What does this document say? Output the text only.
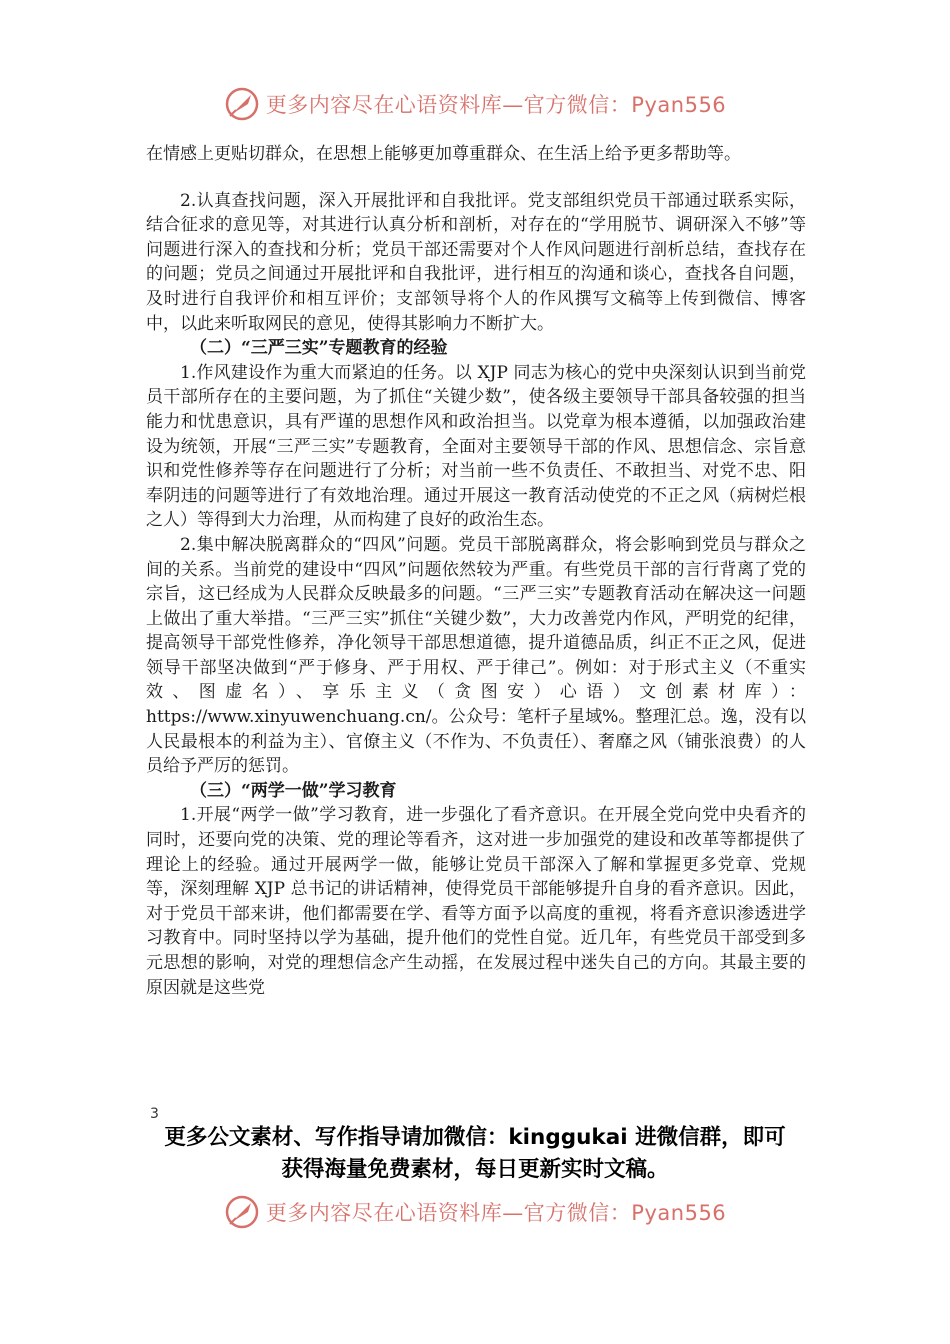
更多内容尽在心语资料库—官方微信：Pyan556

在情感上更贴切群众，在思想上能够更加尊重群众、在生活上给予更多帮助等。

2.认真查找问题，深入开展批评和自我批评。党支部组织党员干部通过联系实际，结合征求的意见等，对其进行认真分析和剖析，对存在的“学用脱节、调研深入不够”等问题进行深入的查找和分析；党员干部还需要对个人作风问题进行剖析总结，查找存在的问题；党员之间通过开展批评和自我批评，进行相互的沟通和谈心，查找各自问题，及时进行自我评价和相互评价；支部领导将个人的作风撰写文稿等上传到微信、博客中，以此来听取网民的意见，使得其影响力不断扩大。

（二）“三严三实”专题教育的经验

1.作风建设作为重大而紧迫的任务。以 XJP 同志为核心的党中央深刻认识到当前党员干部所存在的主要问题，为了抓住“关键少数”，使各级主要领导干部具备较强的担当能力和忧患意识，具有严谨的思想作风和政治担当。以党章为根本遵循，以加强政治建设为统领，开展“三严三实”专题教育，全面对主要领导干部的作风、思想信念、宗旨意识和党性修养等存在问题进行了分析；对当前一些不负责任、不敢担当、对党不忠、阳奉阴违的问题等进行了有效地治理。通过开展这一教育活动使党的不正之风（病树烂根之人）等得到大力治理，从而构建了良好的政治生态。

2.集中解决脱离群众的“四风”问题。党员干部脱离群众，将会影响到党员与群众之间的关系。当前党的建设中“四风”问题依然较为严重。有些党员干部的言行背离了党的宗旨，这已经成为人民群众反映最多的问题。“三严三实”专题教育活动在解决这一问题上做出了重大举措。“三严三实”抓住“关键少数”，大力改善党内作风，严明党的纪律，提高领导干部党性修养，净化领导干部思想道德，提升道德品质，纠正不正之风，促进领导干部坚决做到“严于修身、严于用权、严于律己”。例如：对于形式主义（不重实效、图虚名）、享乐主义（贪图安）心语）文创素材库）：https://www.xinyuwenchuang.cn/。公众号：笔杆子星域%。整理汇总。逸，没有以人民最根本的利益为主）、官僚主义（不作为、不负责任）、奢靡之风（铺张浪费）的人员给予严厉的惩罚。

（三）“两学一做”学习教育

1.开展“两学一做”学习教育，进一步强化了看齐意识。在开展全党向党中央看齐的同时，还要向党的决策、党的理论等看齐，这对进一步加强党的建设和改革等都提供了理论上的经验。通过开展两学一做，能够让党员干部深入了解和掌握更多党章、党规等，深刻理解 XJP 总书记的讲话精神，使得党员干部能够提升自身的看齐意识。因此，对于党员干部来讲，他们都需要在学、看等方面予以高度的重视，将看齐意识渗透进学习教育中。同时坚持以学为基础，提升他们的党性自觉。近几年，有些党员干部受到多元思想的影响，对党的理想信念产生动摇，在发展过程中迷失自己的方向。其最主要的原因就是这些党

3
更多公文素材、写作指导请加微信：kinggukai 进微信群，即可
获得海量免费素材，每日更新实时文稿。
更多内容尽在心语资料库—官方微信：Pyan556
